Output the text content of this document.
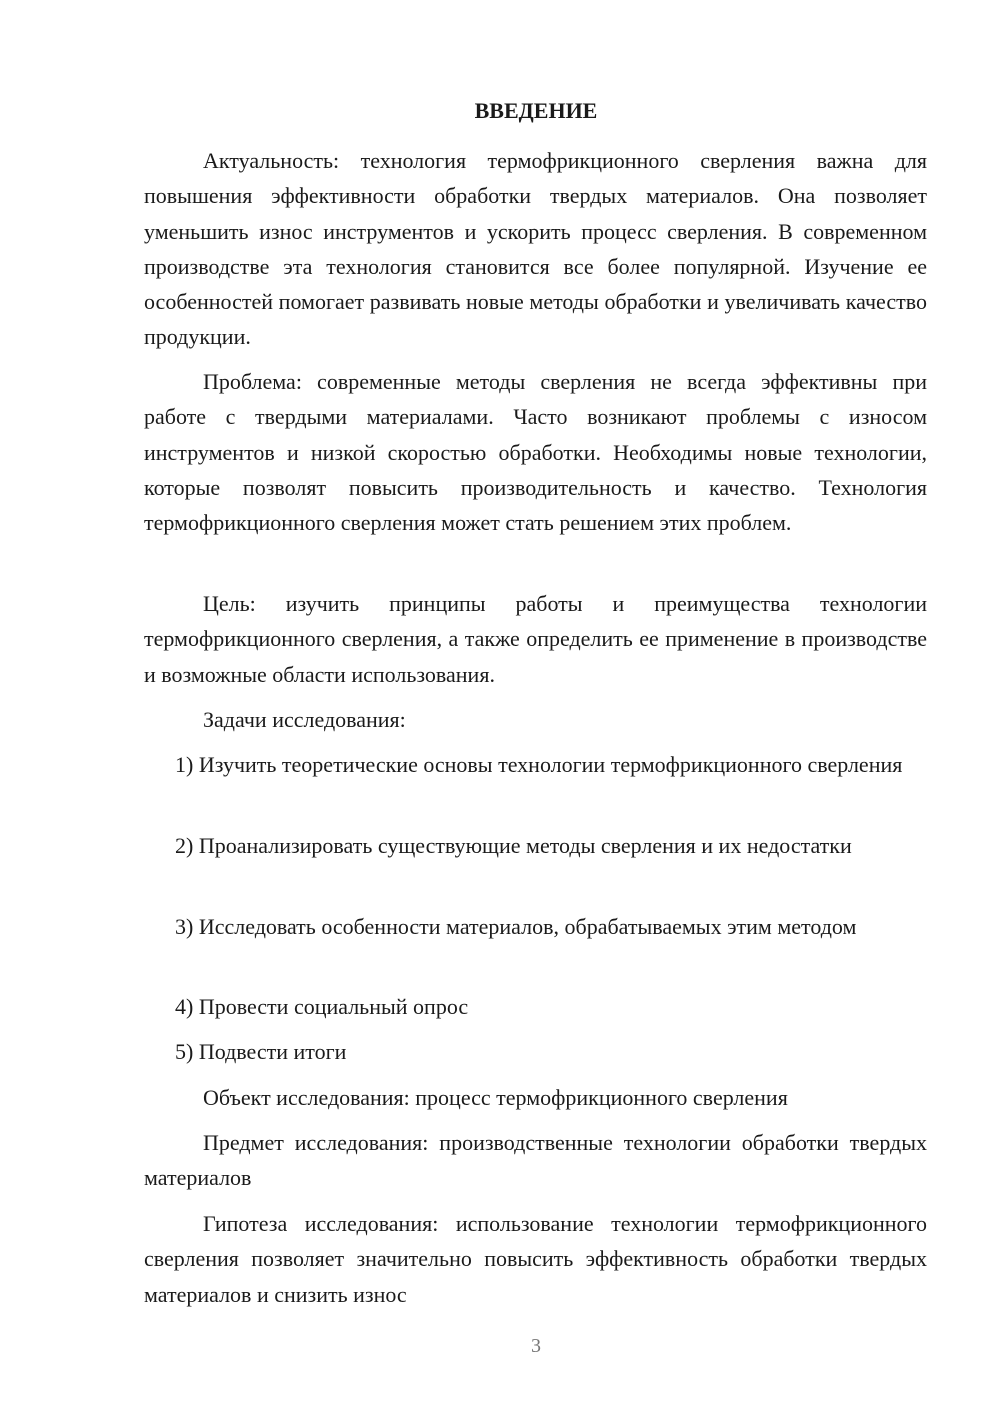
ВВЕДЕНИЕ

Актуальность: технология термофрикционного сверления важна для повышения эффективности обработки твердых материалов. Она позволяет уменьшить износ инструментов и ускорить процесс сверления. В современном производстве эта технология становится все более популярной. Изучение ее особенностей помогает развивать новые методы обработки и увеличивать качество продукции.

Проблема: современные методы сверления не всегда эффективны при работе с твердыми материалами. Часто возникают проблемы с износом инструментов и низкой скоростью обработки. Необходимы новые технологии, которые позволят повысить производительность и качество. Технология термофрикционного сверления может стать решением этих проблем.

Цель: изучить принципы работы и преимущества технологии термофрикционного сверления, а также определить ее применение в производстве и возможные области использования.

Задачи исследования:

1) Изучить теоретические основы технологии термофрикционного сверления

2) Проанализировать существующие методы сверления и их недостатки

3) Исследовать особенности материалов, обрабатываемых этим методом

4) Провести социальный опрос

5) Подвести итоги

Объект исследования: процесс термофрикционного сверления

Предмет исследования: производственные технологии обработки твердых материалов

Гипотеза исследования: использование технологии термофрикционного сверления позволяет значительно повысить эффективность обработки твердых материалов и снизить износ

3
